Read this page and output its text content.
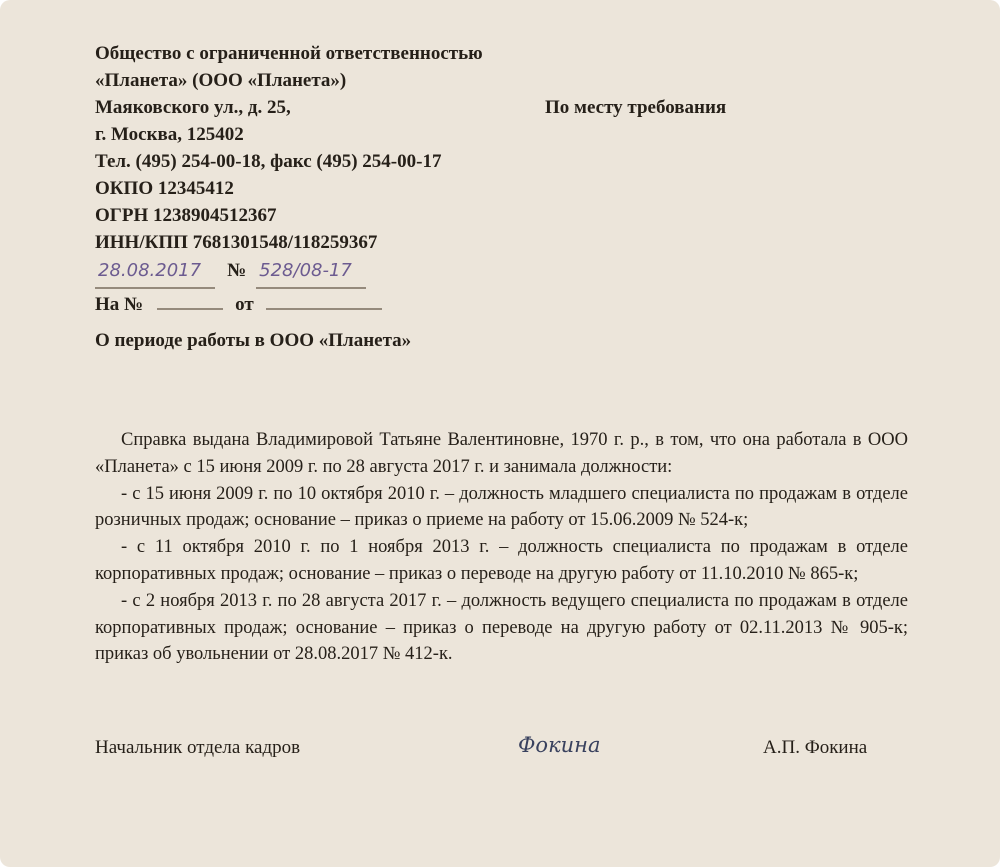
Общество с ограниченной ответственностью
«Планета» (ООО «Планета»)
Маяковского ул., д. 25,
г. Москва, 125402
Тел. (495) 254-00-18, факс (495) 254-00-17
ОКПО 12345412
ОГРН 1238904512367
ИНН/КПП 7681301548/118259367
По месту требования
28.08.2017	№ 528/08-17
На №	от
О периоде работы в ООО «Планета»

Справка выдана Владимировой Татьяне Валентиновне, 1970 г. р., в том, что она работала в ООО «Планета» с 15 июня 2009 г. по 28 августа 2017 г. и занимала должности:

- с 15 июня 2009 г. по 10 октября 2010 г. – должность младшего специалиста по продажам в отделе розничных продаж; основание – приказ о приеме на работу от 15.06.2009 № 524-к;

- с 11 октября 2010 г. по 1 ноября 2013 г. – должность специалиста по продажам в отделе корпоративных продаж; основание – приказ о переводе на другую работу от 11.10.2010 № 865-к;

- с 2 ноября 2013 г. по 28 августа 2017 г. – должность ведущего специалиста по продажам в отделе корпоративных продаж; основание – приказ о переводе на другую работу от 02.11.2013 № 905-к; приказ об увольнении от 28.08.2017 № 412-к.

Начальник отдела кадров	Фокина	А.П. Фокина
